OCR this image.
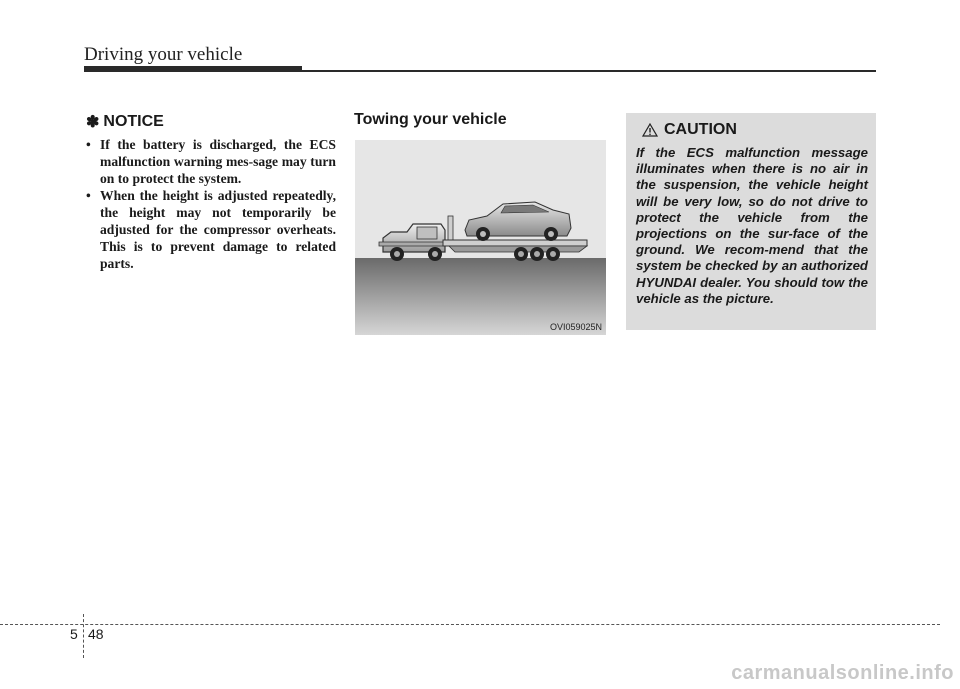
Driving your vehicle
✽ NOTICE
• If the battery is discharged, the ECS malfunction warning mes-sage may turn on to protect the system.
• When the height is adjusted repeatedly, the height may not temporarily be adjusted for the compressor overheats. This is to prevent damage to related parts.
Towing your vehicle
OVI059025N
CAUTION

If the ECS malfunction message illuminates when there is no air in the suspension, the vehicle height will be very low, so do not drive to protect the vehicle from the projections on the sur-face of the ground. We recom-mend that the system be checked by an authorized HYUNDAI dealer. You should tow the vehicle as the picture.

5 48
carmanualsonline.info
